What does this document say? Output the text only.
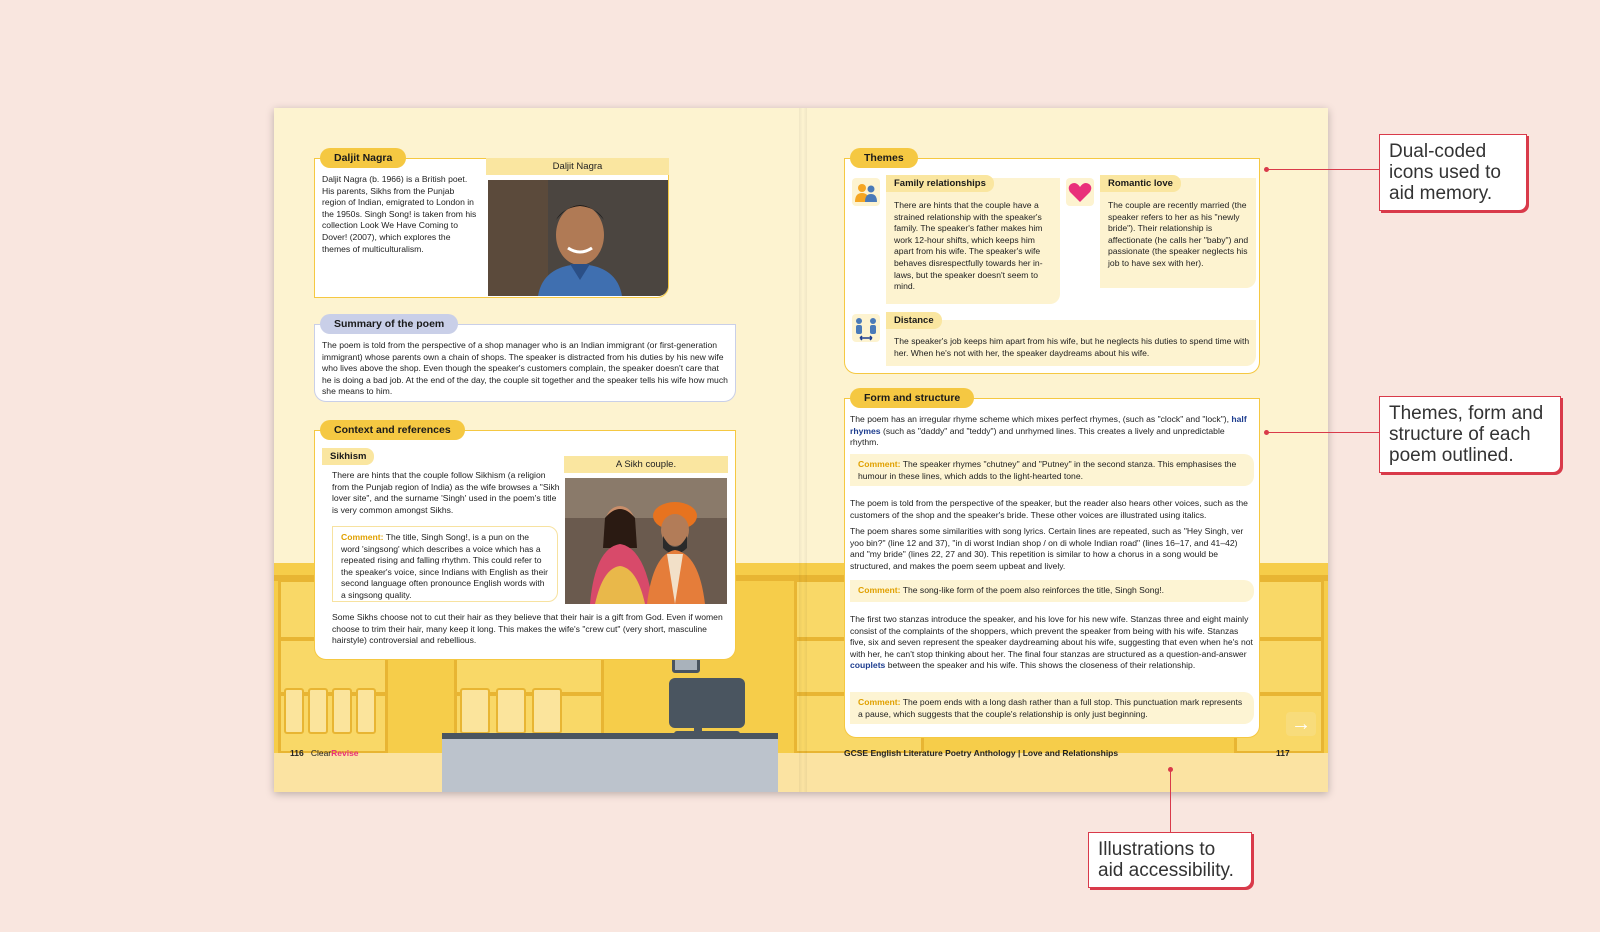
Daljit Nagra
Daljit Nagra (b. 1966) is a British poet. His parents, Sikhs from the Punjab region of Indian, emigrated to London in the 1950s. Singh Song! is taken from his collection Look We Have Coming to Dover! (2007), which explores the themes of multiculturalism.
Daljit Nagra
Summary of the poem
The poem is told from the perspective of a shop manager who is an Indian immigrant (or first-generation immigrant) whose parents own a chain of shops. The speaker is distracted from his duties by his new wife who lives above the shop. Even though the speaker's customers complain, the speaker doesn't care that he is doing a bad job. At the end of the day, the couple sit together and the speaker tells his wife how much she means to him.
Context and references
Sikhism
There are hints that the couple follow Sikhism (a religion from the Punjab region of India) as the wife browses a "Sikh lover site", and the surname 'Singh' used in the poem's title is very common amongst Sikhs.
Comment: The title, Singh Song!, is a pun on the word 'singsong' which describes a voice which has a repeated rising and falling rhythm. This could refer to the speaker's voice, since Indians with English as their second language often pronounce English words with a singsong quality.
A Sikh couple.
Some Sikhs choose not to cut their hair as they believe that their hair is a gift from God. Even if women choose to trim their hair, many keep it long. This makes the wife's "crew cut" (very short, masculine hairstyle) controversial and rebellious.
116 ClearRevise
Themes
Family relationships
There are hints that the couple have a strained relationship with the speaker's family. The speaker's father makes him work 12-hour shifts, which keeps him apart from his wife. The speaker's wife behaves disrespectfully towards her in-laws, but the speaker doesn't seem to mind.
Romantic love
The couple are recently married (the speaker refers to her as his "newly bride"). Their relationship is affectionate (he calls her "baby") and passionate (the speaker neglects his job to have sex with her).
Distance
The speaker's job keeps him apart from his wife, but he neglects his duties to spend time with her. When he's not with her, the speaker daydreams about his wife.
Form and structure
The poem has an irregular rhyme scheme which mixes perfect rhymes, (such as "clock" and "lock"), half rhymes (such as "daddy" and "teddy") and unrhymed lines. This creates a lively and unpredictable rhythm.
Comment: The speaker rhymes "chutney" and "Putney" in the second stanza. This emphasises the humour in these lines, which adds to the light-hearted tone.
The poem is told from the perspective of the speaker, but the reader also hears other voices, such as the customers of the shop and the speaker's bride. These other voices are illustrated using italics.
The poem shares some similarities with song lyrics. Certain lines are repeated, such as "Hey Singh, ver yoo bin?" (line 12 and 37), "in di worst Indian shop / on di whole Indian road" (lines 16–17, and 41–42) and "my bride" (lines 22, 27 and 30). This repetition is similar to how a chorus in a song would be structured, and makes the poem seem upbeat and lively.
Comment: The song-like form of the poem also reinforces the title, Singh Song!.
The first two stanzas introduce the speaker, and his love for his new wife. Stanzas three and eight mainly consist of the complaints of the shoppers, which prevent the speaker from being with his wife. Stanzas five, six and seven represent the speaker daydreaming about his wife, suggesting that even when he's not with her, he can't stop thinking about her. The final four stanzas are structured as a question-and-answer couplets between the speaker and his wife. This shows the closeness of their relationship.
Comment: The poem ends with a long dash rather than a full stop. This punctuation mark represents a pause, which suggests that the couple's relationship is only just beginning.	→
GCSE English Literature Poetry Anthology | Love and Relationships	117
Dual-coded icons used to aid memory.
Themes, form and structure of each poem outlined.
Illustrations to aid accessibility.
